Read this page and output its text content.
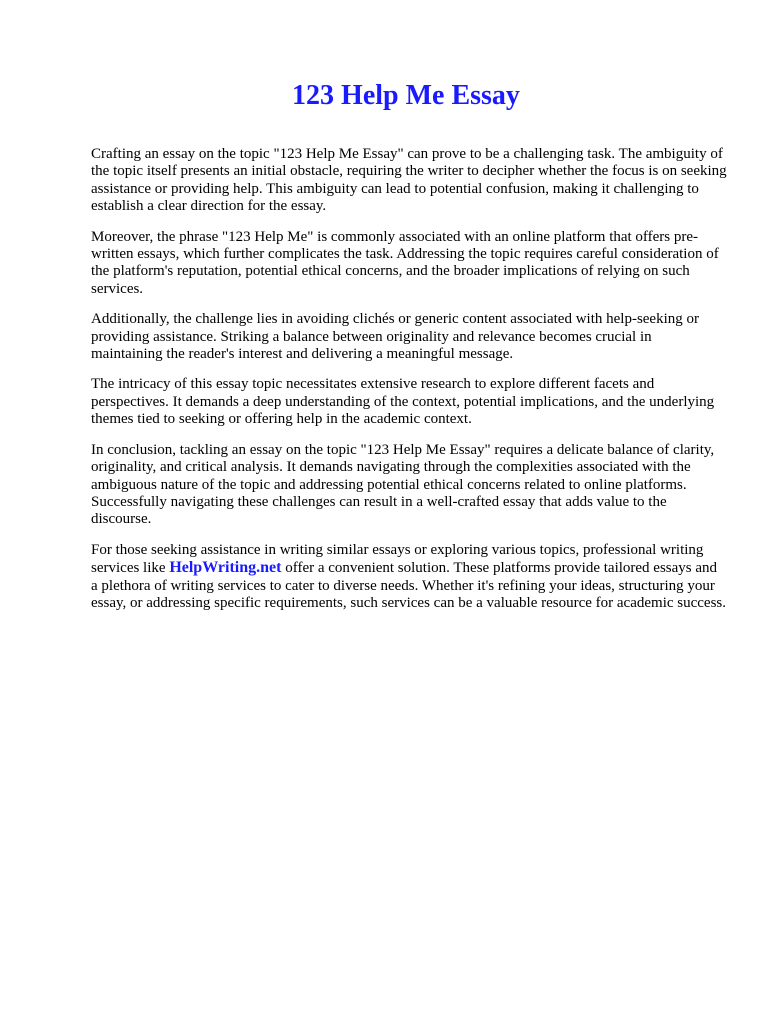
123 Help Me Essay

Crafting an essay on the topic "123 Help Me Essay" can prove to be a challenging task. The ambiguity of the topic itself presents an initial obstacle, requiring the writer to decipher whether the focus is on seeking assistance or providing help. This ambiguity can lead to potential confusion, making it challenging to establish a clear direction for the essay.

Moreover, the phrase "123 Help Me" is commonly associated with an online platform that offers pre-written essays, which further complicates the task. Addressing the topic requires careful consideration of the platform's reputation, potential ethical concerns, and the broader implications of relying on such services.

Additionally, the challenge lies in avoiding clichés or generic content associated with help-seeking or providing assistance. Striking a balance between originality and relevance becomes crucial in maintaining the reader's interest and delivering a meaningful message.

The intricacy of this essay topic necessitates extensive research to explore different facets and perspectives. It demands a deep understanding of the context, potential implications, and the underlying themes tied to seeking or offering help in the academic context.

In conclusion, tackling an essay on the topic "123 Help Me Essay" requires a delicate balance of clarity, originality, and critical analysis. It demands navigating through the complexities associated with the ambiguous nature of the topic and addressing potential ethical concerns related to online platforms. Successfully navigating these challenges can result in a well-crafted essay that adds value to the discourse.

For those seeking assistance in writing similar essays or exploring various topics, professional writing services like HelpWriting.net offer a convenient solution. These platforms provide tailored essays and a plethora of writing services to cater to diverse needs. Whether it's refining your ideas, structuring your essay, or addressing specific requirements, such services can be a valuable resource for academic success.
